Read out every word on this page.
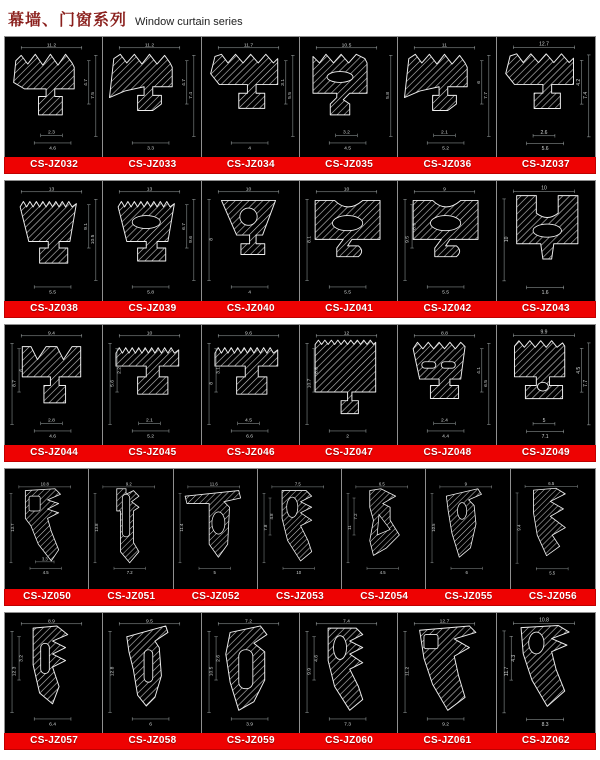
幕墙、门窗系列 Window curtain series
11.2
7.5
4.7
2.3
4.6
11.2
7.4
4.7
3.3
11.7
5.5
3.1
4
10.5
5.8
3.2
4.5
11
7.7
6
2.1
5.2
12.7
7.4
4.2
2.6
5.6
CS-JZ032	CS-JZ033	CS-JZ034	CS-JZ035	CS-JZ036	CS-JZ037
13
10.5
9.1
5.5
13
9.6
6.7
5.8
10
8
4
10
8.1
5.5
9
9.5
6.5
5.5
10
10
1.6
CS-JZ038	CS-JZ039	CS-JZ040	CS-JZ041	CS-JZ042	CS-JZ043
9.4
8.7
6
2.8
4.6
10
5.6
2.2
2.1
5.2
9.6
8
3.1
4.5
6.6
12
10.7
8.8
2
8.8
6.5
4.1
2.4
4.4
9.9
7.7
4.5
5
7.1
CS-JZ044	CS-JZ045	CS-JZ046	CS-JZ047	CS-JZ048	CS-JZ049
10.8
13.7
3.3
4.5
9.2
13.8
7.2
11.6
11.4
5
7.5
7.8
4.8
10
6.5
11
7.2
4.5
9
10.5
6
6.5
9.4
5.5
CS-JZ050	CS-JZ051	CS-JZ052	CS-JZ053	CS-JZ054	CS-JZ055	CS-JZ056
8.9
12.3
3.2
6.4
9.5
12.8
6
7.2
10.5
2.6
3.9
7.4
9.9
4.6
7.3
12.7
11.2
9.2
10.8
11.7
4.3
8.3
CS-JZ057	CS-JZ058	CS-JZ059	CS-JZ060	CS-JZ061	CS-JZ062
